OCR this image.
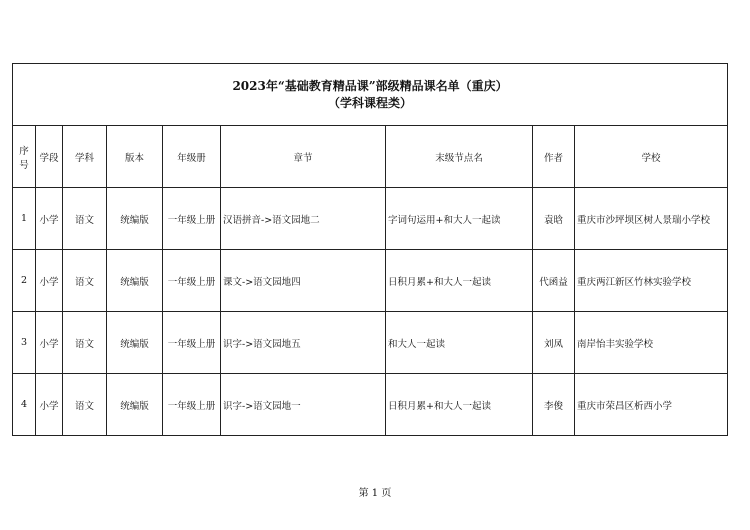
2023年“基础教育精品课”部级精品课名单（重庆）
（学科课程类）								

序号	学段	学科	版本	年级册	章节	末级节点名	作者	学校
1	小学	语文	统编版	一年级上册	汉语拼音->语文园地二	字词句运用+和大人一起读	袁晗	重庆市沙坪坝区树人景瑞小学校
2	小学	语文	统编版	一年级上册	课文->语文园地四	日积月累+和大人一起读	代函益	重庆两江新区竹林实验学校
3	小学	语文	统编版	一年级上册	识字->语文园地五	和大人一起读	刘凤	南岸怡丰实验学校
4	小学	语文	统编版	一年级上册	识字->语文园地一	日积月累+和大人一起读	李俊	重庆市荣昌区析西小学
第 1 页
